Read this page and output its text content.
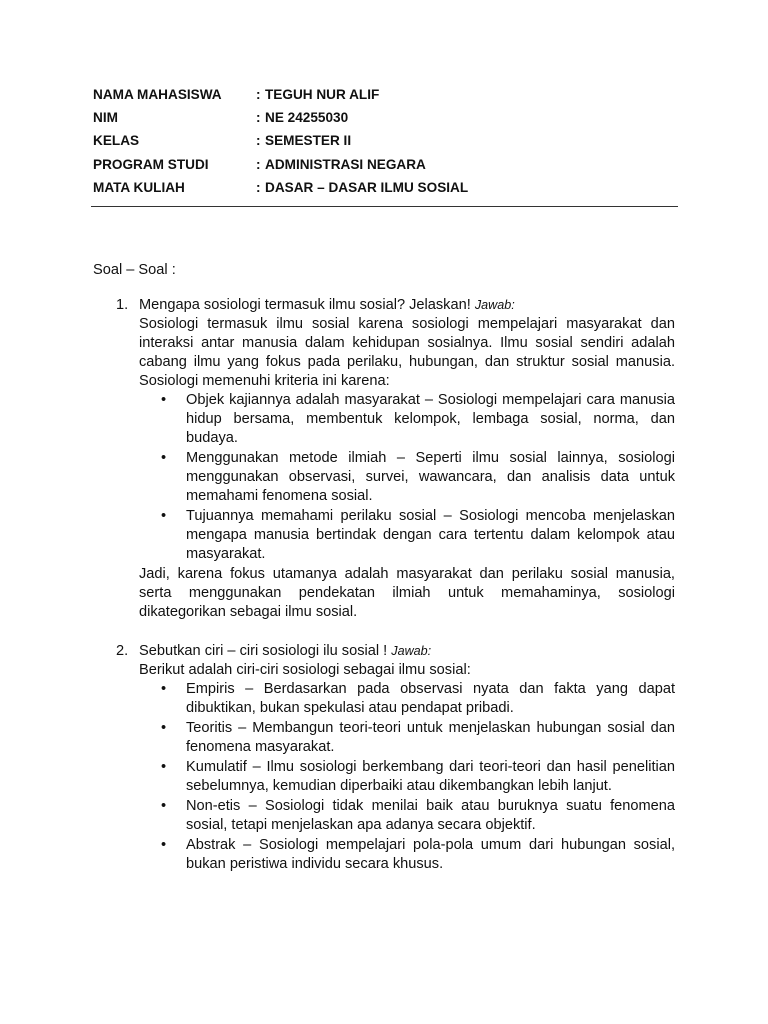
NAMA MAHASISWA	: TEGUH NUR ALIF
NIM	: NE 24255030
KELAS	: SEMESTER II
PROGRAM STUDI	: ADMINISTRASI NEGARA
MATA KULIAH	: DASAR – DASAR ILMU SOSIAL
Soal – Soal :
1. Mengapa sosiologi termasuk ilmu sosial? Jelaskan! Jawab:
Sosiologi termasuk ilmu sosial karena sosiologi mempelajari masyarakat dan interaksi antar manusia dalam kehidupan sosialnya. Ilmu sosial sendiri adalah cabang ilmu yang fokus pada perilaku, hubungan, dan struktur sosial manusia. Sosiologi memenuhi kriteria ini karena:
• Objek kajiannya adalah masyarakat – Sosiologi mempelajari cara manusia hidup bersama, membentuk kelompok, lembaga sosial, norma, dan budaya.
• Menggunakan metode ilmiah – Seperti ilmu sosial lainnya, sosiologi menggunakan observasi, survei, wawancara, dan analisis data untuk memahami fenomena sosial.
• Tujuannya memahami perilaku sosial – Sosiologi mencoba menjelaskan mengapa manusia bertindak dengan cara tertentu dalam kelompok atau masyarakat.
Jadi, karena fokus utamanya adalah masyarakat dan perilaku sosial manusia, serta menggunakan pendekatan ilmiah untuk memahaminya, sosiologi dikategorikan sebagai ilmu sosial.
2. Sebutkan ciri – ciri sosiologi ilu sosial ! Jawab:
Berikut adalah ciri-ciri sosiologi sebagai ilmu sosial:
• Empiris – Berdasarkan pada observasi nyata dan fakta yang dapat dibuktikan, bukan spekulasi atau pendapat pribadi.
• Teoritis – Membangun teori-teori untuk menjelaskan hubungan sosial dan fenomena masyarakat.
• Kumulatif – Ilmu sosiologi berkembang dari teori-teori dan hasil penelitian sebelumnya, kemudian diperbaiki atau dikembangkan lebih lanjut.
• Non-etis – Sosiologi tidak menilai baik atau buruknya suatu fenomena sosial, tetapi menjelaskan apa adanya secara objektif.
• Abstrak – Sosiologi mempelajari pola-pola umum dari hubungan sosial, bukan peristiwa individu secara khusus.
